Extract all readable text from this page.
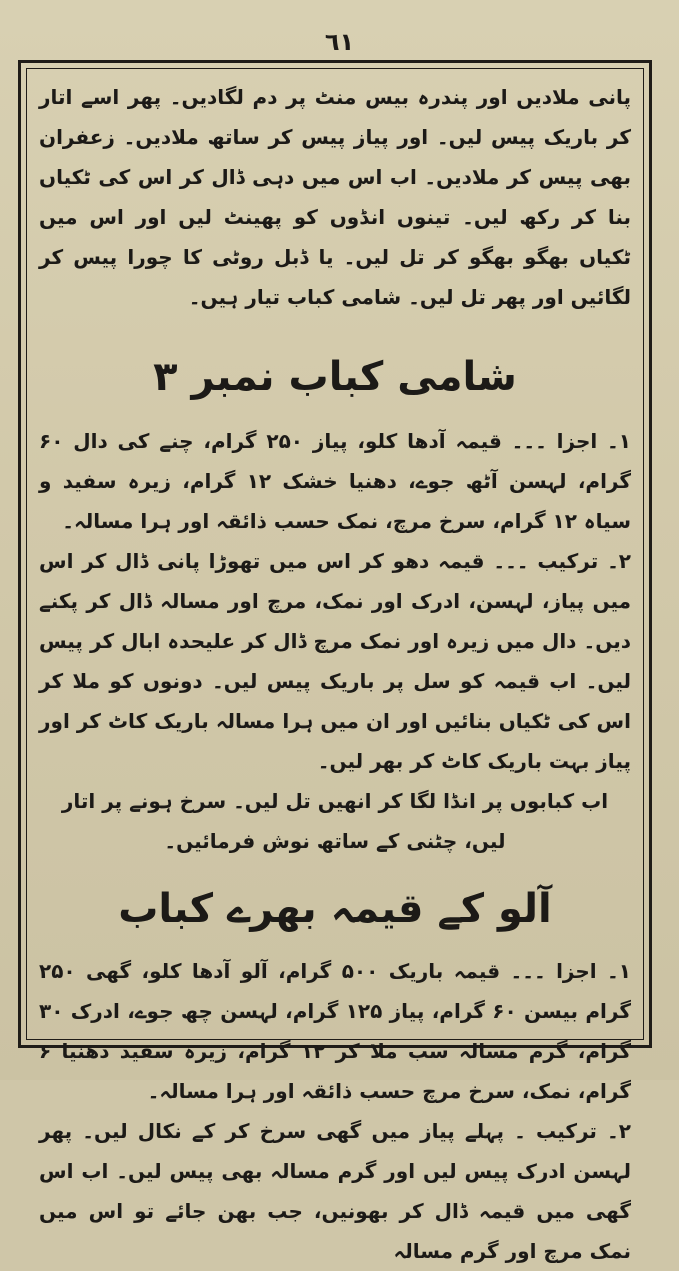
٦١

پانی ملادیں اور پندرہ بیس منٹ پر دم لگادیں۔ پھر اسے اتار کر باریک پیس لیں۔ اور پیاز پیس کر ساتھ ملادیں۔ زعفران بھی پیس کر ملادیں۔ اب اس میں دہی ڈال کر اس کی ٹکیاں بنا کر رکھ لیں۔ تینوں انڈوں کو پھینٹ لیں اور اس میں ٹکیاں بھگو بھگو کر تل لیں۔ یا ڈبل روٹی کا چورا پیس کر لگائیں اور پھر تل لیں۔ شامی کباب تیار ہیں۔

شامی کباب نمبر ۳

۱۔ اجزا ۔۔۔ قیمہ آدھا کلو، پیاز ۲۵۰ گرام، چنے کی دال ۶۰ گرام، لہسن آٹھ جوے، دھنیا خشک ۱۲ گرام، زیرہ سفید و سیاہ ۱۲ گرام، سرخ مرچ، نمک حسب ذائقہ اور ہرا مسالہ۔

۲۔ ترکیب ۔۔۔ قیمہ دھو کر اس میں تھوڑا پانی ڈال کر اس میں پیاز، لہسن، ادرک اور نمک، مرچ اور مسالہ ڈال کر پکنے دیں۔ دال میں زیرہ اور نمک مرچ ڈال کر علیحدہ ابال کر پیس لیں۔ اب قیمہ کو سل پر باریک پیس لیں۔ دونوں کو ملا کر اس کی ٹکیاں بنائیں اور ان میں ہرا مسالہ باریک کاٹ کر اور پیاز بہت باریک کاٹ کر بھر لیں۔

اب کبابوں پر انڈا لگا کر انھیں تل لیں۔ سرخ ہونے پر اتار لیں، چٹنی کے ساتھ نوش فرمائیں۔

آلو کے قیمہ بھرے کباب

۱۔ اجزا ۔۔۔ قیمہ باریک ۵۰۰ گرام، آلو آدھا کلو، گھی ۲۵۰ گرام بیسن ۶۰ گرام، پیاز ۱۲۵ گرام، لہسن چھ جوے، ادرک ۳۰ گرام، گرم مسالہ سب ملا کر ۱۲ گرام، زیرہ سفید دھنیا ۶ گرام، نمک، سرخ مرچ حسب ذائقہ اور ہرا مسالہ۔

۲۔ ترکیب ۔ پہلے پیاز میں گھی سرخ کر کے نکال لیں۔ پھر لہسن ادرک پیس لیں اور گرم مسالہ بھی پیس لیں۔ اب اس گھی میں قیمہ ڈال کر بھونیں، جب بھن جائے تو اس میں نمک مرچ اور گرم مسالہ
